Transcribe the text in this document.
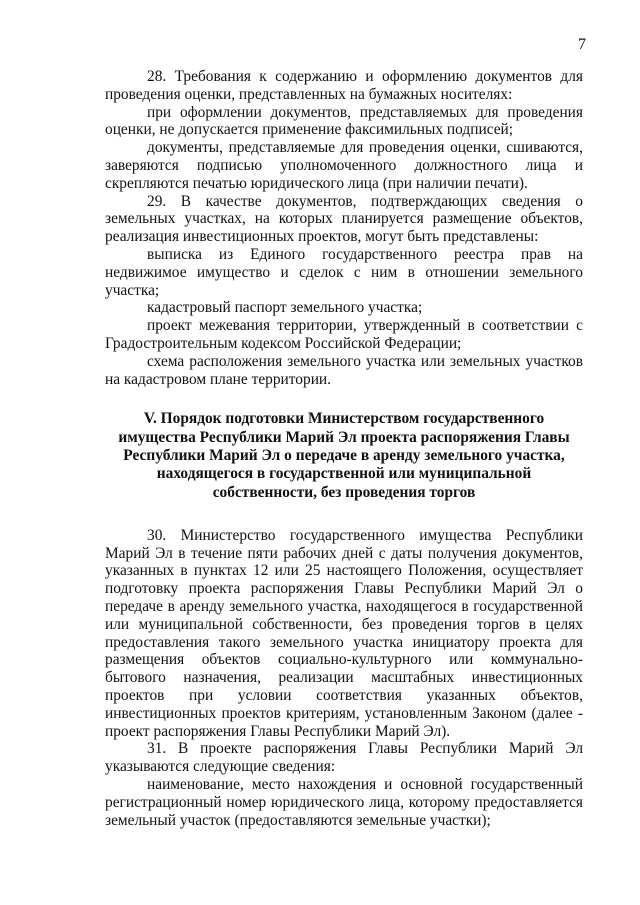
7

28. Требования к содержанию и оформлению документов для проведения оценки, представленных на бумажных носителях:

при оформлении документов, представляемых для проведения оценки, не допускается применение факсимильных подписей;

документы, представляемые для проведения оценки, сшиваются, заверяются подписью уполномоченного должностного лица и скрепляются печатью юридического лица (при наличии печати).

29. В качестве документов, подтверждающих сведения о земельных участках, на которых планируется размещение объектов, реализация инвестиционных проектов, могут быть представлены:

выписка из Единого государственного реестра прав на недвижимое имущество и сделок с ним в отношении земельного участка;

кадастровый паспорт земельного участка;

проект межевания территории, утвержденный в соответствии с Градостроительным кодексом Российской Федерации;

схема расположения земельного участка или земельных участков на кадастровом плане территории.

V. Порядок подготовки Министерством государственного имущества Республики Марий Эл проекта распоряжения Главы Республики Марий Эл о передаче в аренду земельного участка, находящегося в государственной или муниципальной собственности, без проведения торгов

30. Министерство государственного имущества Республики Марий Эл в течение пяти рабочих дней с даты получения документов, указанных в пунктах 12 или 25 настоящего Положения, осуществляет подготовку проекта распоряжения Главы Республики Марий Эл о передаче в аренду земельного участка, находящегося в государственной или муниципальной собственности, без проведения торгов в целях предоставления такого земельного участка инициатору проекта для размещения объектов социально-культурного или коммунально-бытового назначения, реализации масштабных инвестиционных проектов при условии соответствия указанных объектов, инвестиционных проектов критериям, установленным Законом (далее - проект распоряжения Главы Республики Марий Эл).

31. В проекте распоряжения Главы Республики Марий Эл указываются следующие сведения:

наименование, место нахождения и основной государственный регистрационный номер юридического лица, которому предоставляется земельный участок (предоставляются земельные участки);
